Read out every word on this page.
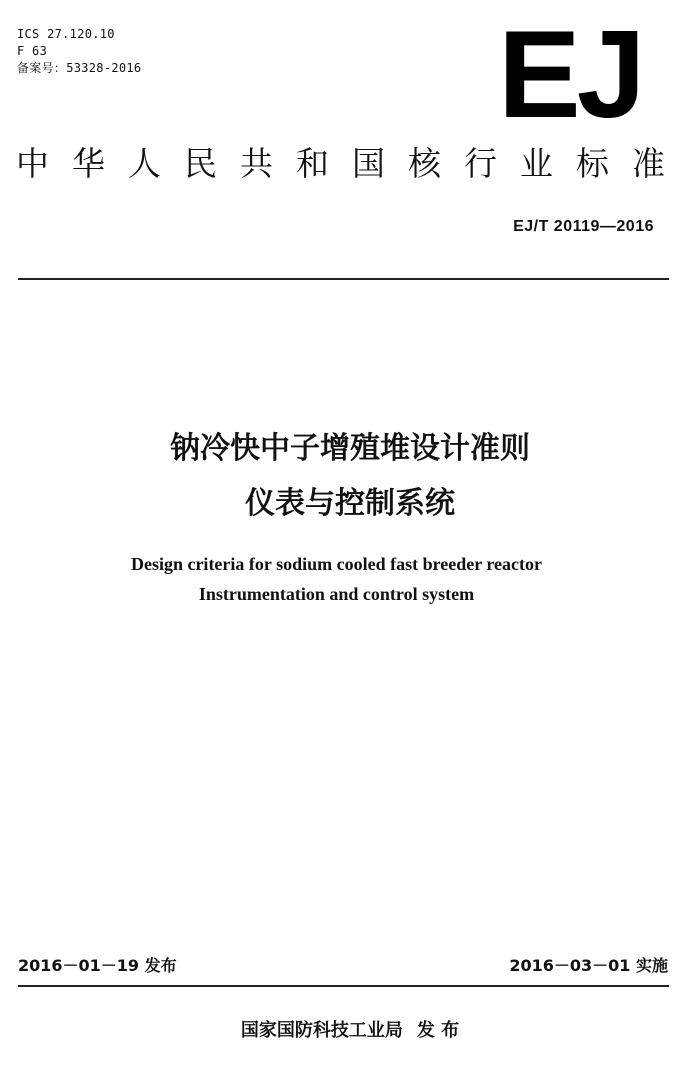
ICS 27.120.10
F 63
备案号：53328-2016	EJ
中华人民共和国核行业标准
EJ/T 20119—2016
钠冷快中子增殖堆设计准则
仪表与控制系统
Design criteria for sodium cooled fast breeder reactor
Instrumentation and control system
2016－01－19 发布	2016－03－01 实施
国家国防科技工业局 发 布
